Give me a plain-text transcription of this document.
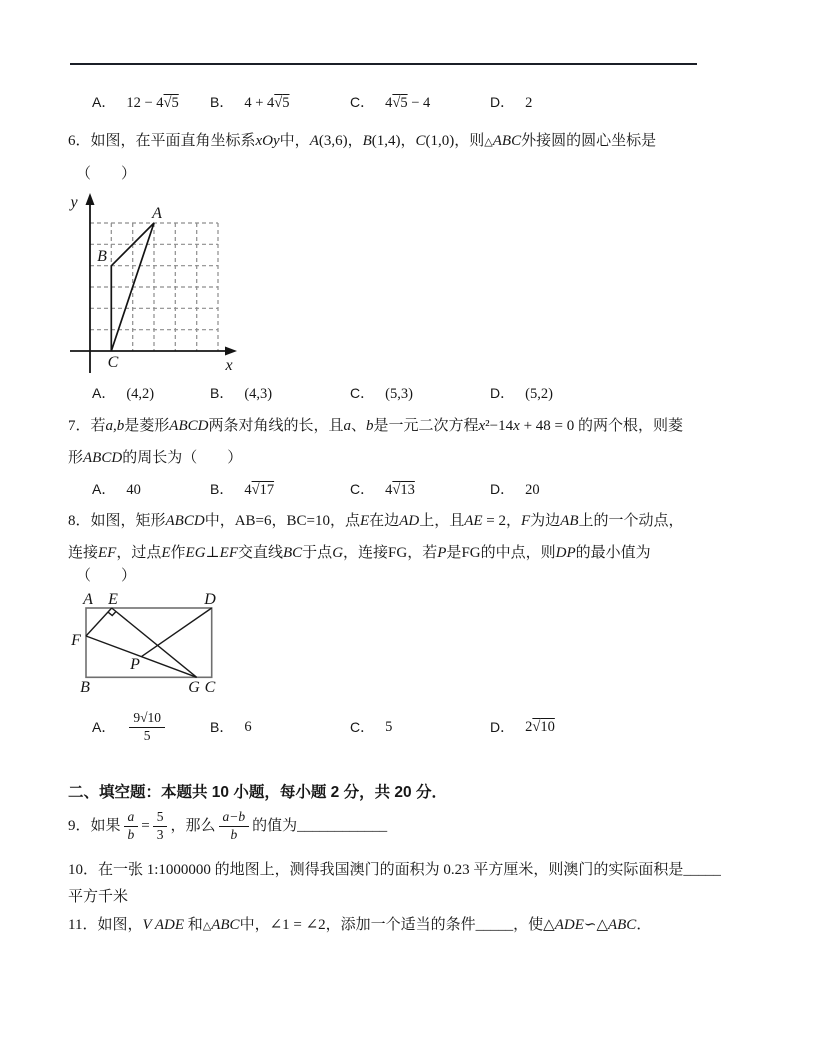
A． 12 − 4 √ 5 B． 4 + 4 √ 5	C． 4 √ 5 − 4	D． 2
6．如图，在平面直角坐标系xOy中，A(3,6)，B(1,4)，C(1,0)，则△ABC外接圆的圆心坐标是
（　　）
y
x
A
B
C
A． (4,2)	B． (4,3)	C． (5,3)	D． (5,2)
7．若a,b是菱形ABCD两条对角线的长，且a、b是一元二次方程x²−14x + 48 = 0 的两个根，则菱
形ABCD的周长为（　　）
A． 40	B． 4 √ 17	C． 4 √ 13	D． 20
8．如图，矩形ABCD中，AB=6，BC=10，点E在边AD上，且AE = 2，F为边AB上的一个动点，
连接EF，过点E作EG⊥EF交直线BC于点G，连接FG，若P是FG的中点，则DP的最小值为
（　　）
A E	D
F
B	G C
P
A． $\frac{9√10}{5}$	B． 6	C． 5	D． 2 √ 10
二、填空题：本题共 10 小题，每小题 2 分，共 20 分．
9．如果 $\frac{a}{b} = \frac{5}{3}$ ，那么 $\frac{a-b}{b}$ 的值为____________
10．在一张 1:1000000 的地图上，测得我国澳门的面积为 0.23 平方厘米，则澳门的实际面积是_____
平方千米
11．如图，V ADE 和△ABC中，∠1 = ∠2，添加一个适当的条件_____，使△ADE∽△ABC．
